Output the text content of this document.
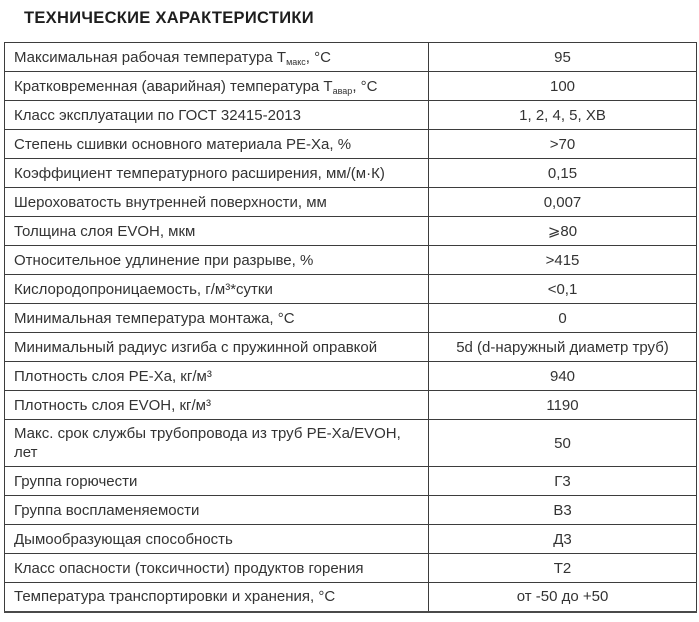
ТЕХНИЧЕСКИЕ ХАРАКТЕРИСТИКИ
Максимальная рабочая температура $Т_{макс}$, °С	95
Кратковременная (аварийная) температура $Т_{авар}$, °С	100
Класс эксплуатации по ГОСТ 32415-2013	1, 2, 4, 5, ХВ
Степень сшивки основного материала PE-Xa, %	>70
Коэффициент температурного расширения, мм/(м·К)	0,15
Шероховатость внутренней поверхности, мм	0,007
Толщина слоя EVOH, мкм	⩾80
Относительное удлинение при разрыве, %	>415
Кислородопроницаемость, г/м³*сутки	<0,1
Минимальная температура монтажа, °С	0
Минимальный радиус изгиба с пружинной оправкой	5d (d-наружный диаметр труб)
Плотность слоя PE-Xa, кг/м³	940
Плотность слоя EVOH, кг/м³	1190
Макс. срок службы трубопровода из труб PE-Xa/EVOH, лет	50
Группа горючести	Г3
Группа воспламеняемости	В3
Дымообразующая способность	Д3
Класс опасности (токсичности) продуктов горения	Т2
Температура транспортировки и хранения, °С	от -50 до +50
